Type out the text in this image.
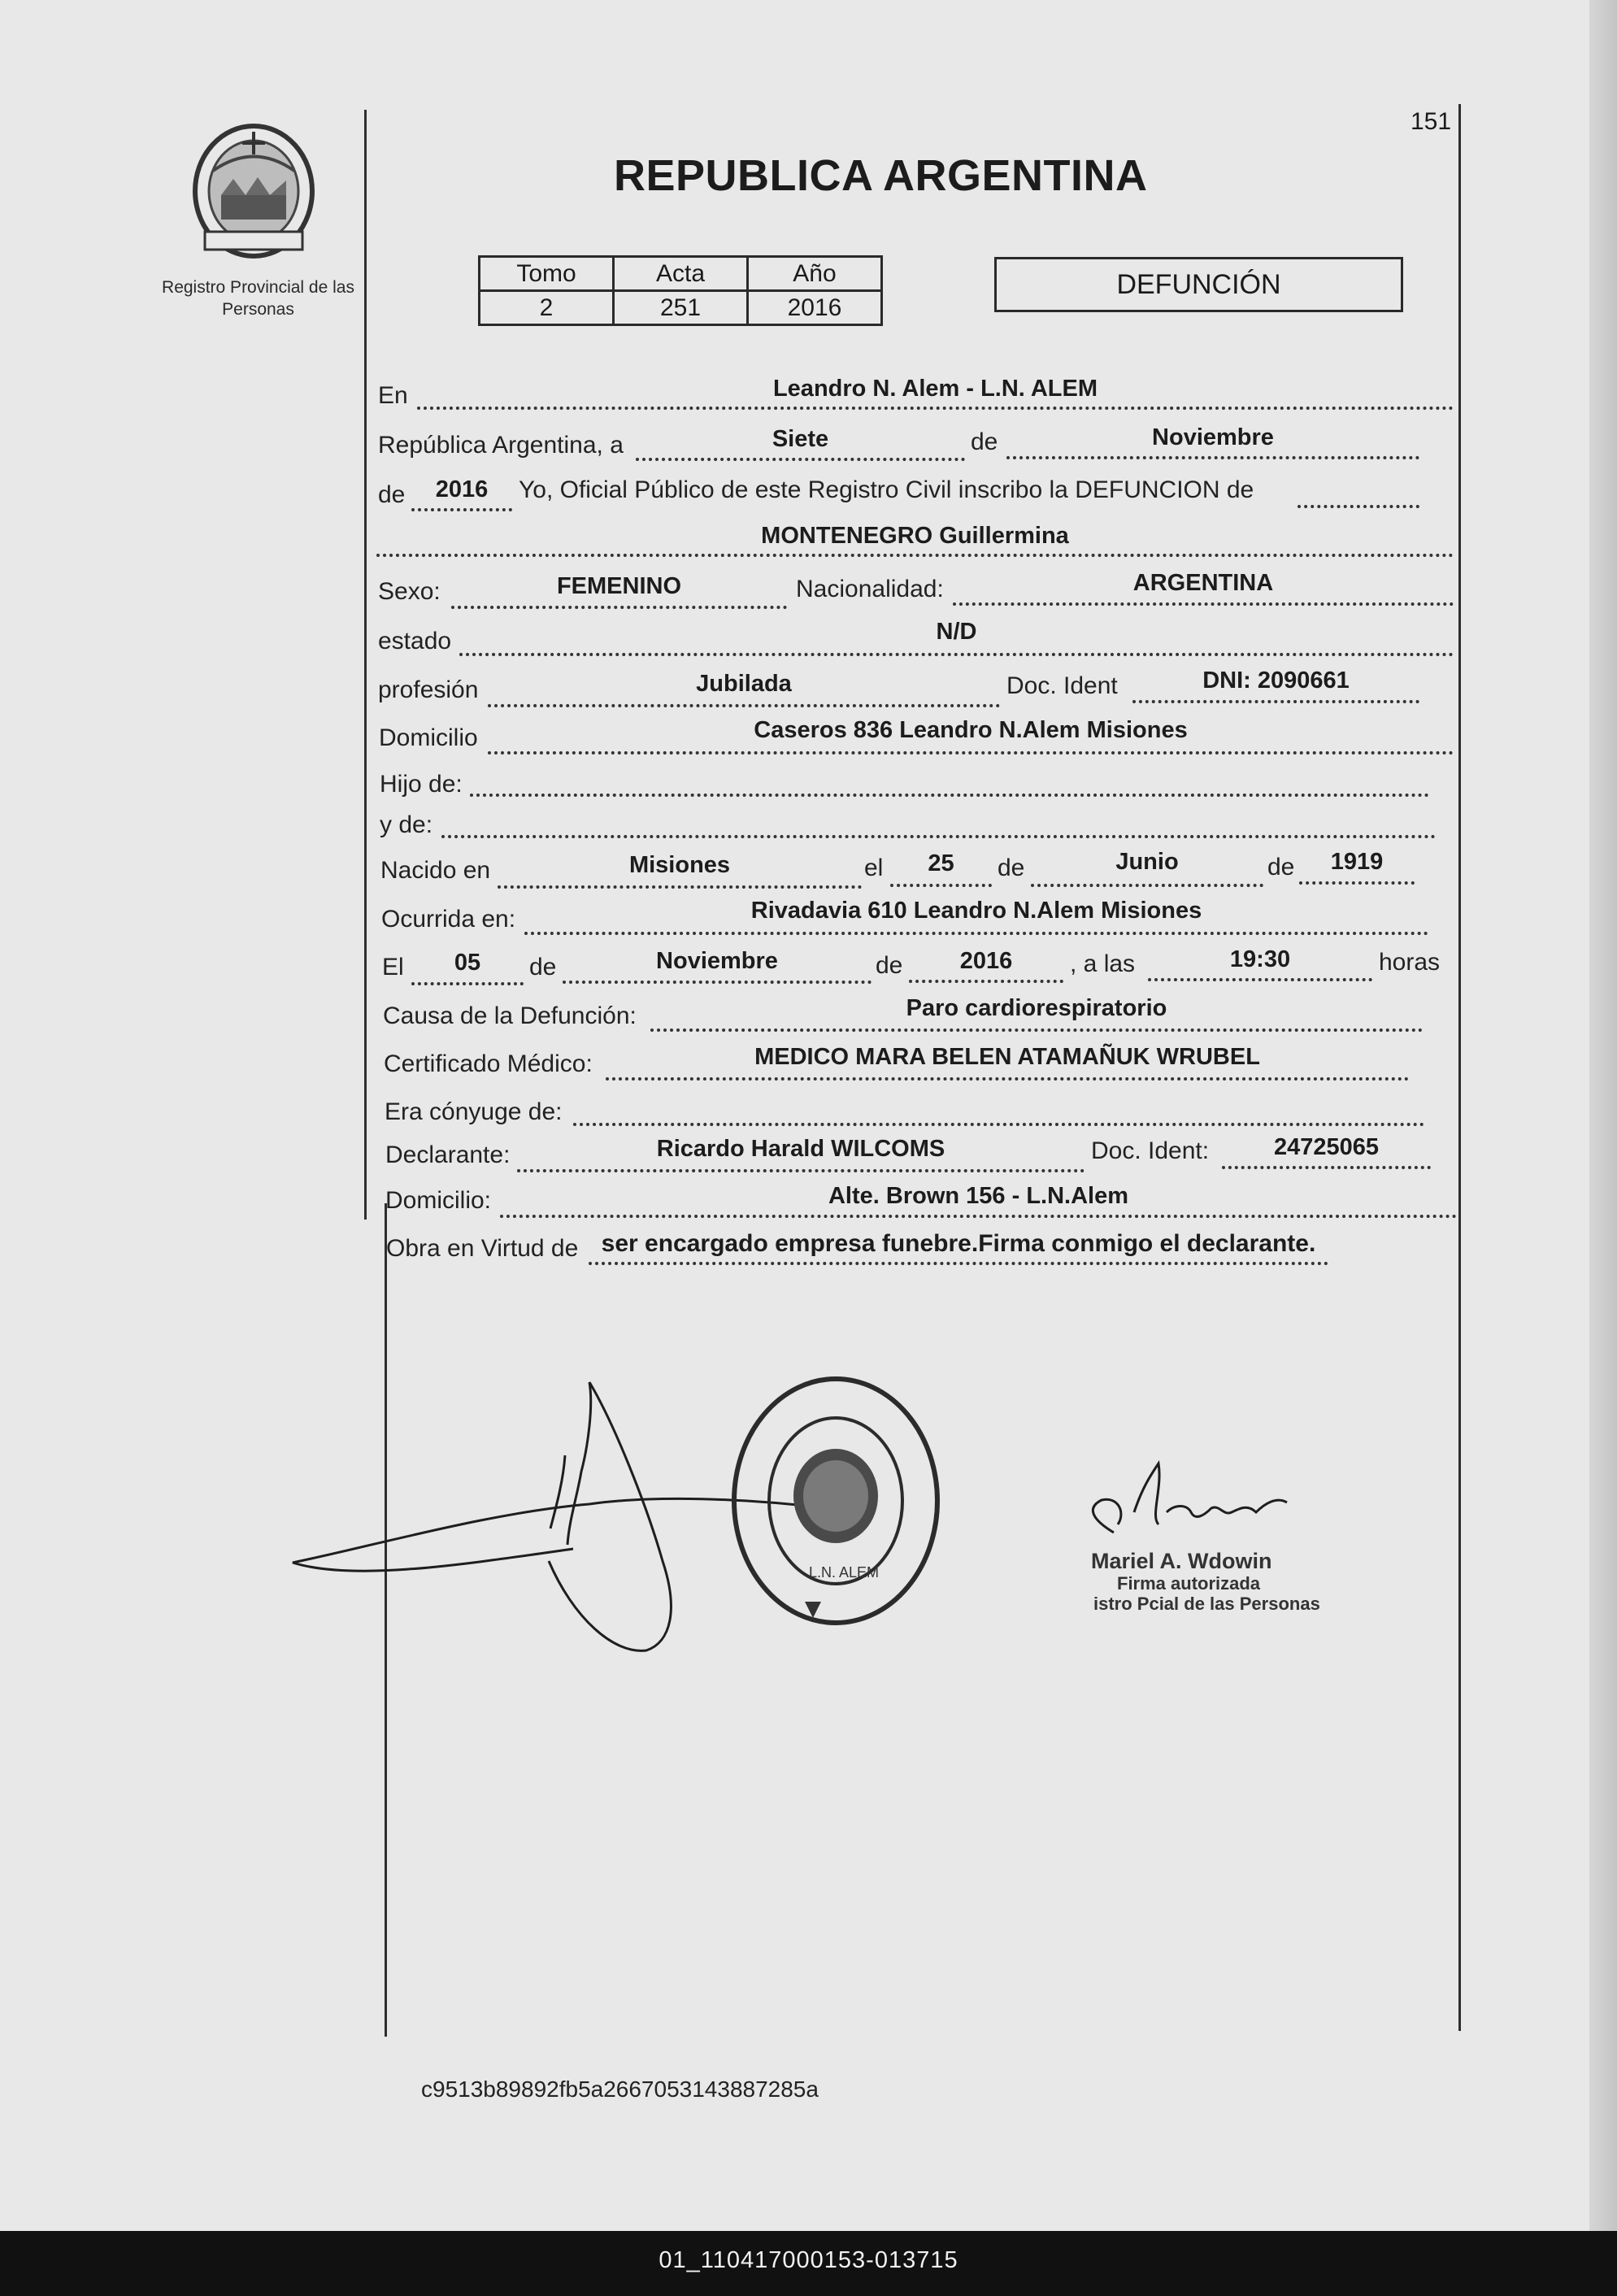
01_110417000153-013715
Registro Provincial de las Personas
151
REPUBLICA ARGENTINA
Tomo	Acta	Año
2	251	2016
DEFUNCIÓN
En	Leandro N. Alem - L.N. ALEM
República Argentina, a	Siete	de	Noviembre
de	2016	Yo, Oficial Público de este Registro Civil inscribo la DEFUNCION de
MONTENEGRO Guillermina
Sexo:	FEMENINO	Nacionalidad:	ARGENTINA
estado	N/D
profesión	Jubilada	Doc. Ident	DNI: 2090661
Domicilio	Caseros 836 Leandro N.Alem Misiones
Hijo de:
y de:
Nacido en	Misiones	el	25	de	Junio	de	1919
Ocurrida en:	Rivadavia 610 Leandro N.Alem Misiones
El	05	de	Noviembre	de	2016	, a las	19:30	horas
Causa de la Defunción:	Paro cardiorespiratorio
Certificado Médico:	MEDICO MARA BELEN ATAMAÑUK WRUBEL
Era cónyuge de:
Declarante:	Ricardo Harald WILCOMS	Doc. Ident:	24725065
Domicilio:	Alte. Brown 156 - L.N.Alem
Obra en Virtud de ser encargado empresa funebre.Firma conmigo el declarante.
L.N. ALEM	Mariel A. Wdowin
Firma autorizada
istro Pcial de las Personas
c9513b89892fb5a2667053143887285a
